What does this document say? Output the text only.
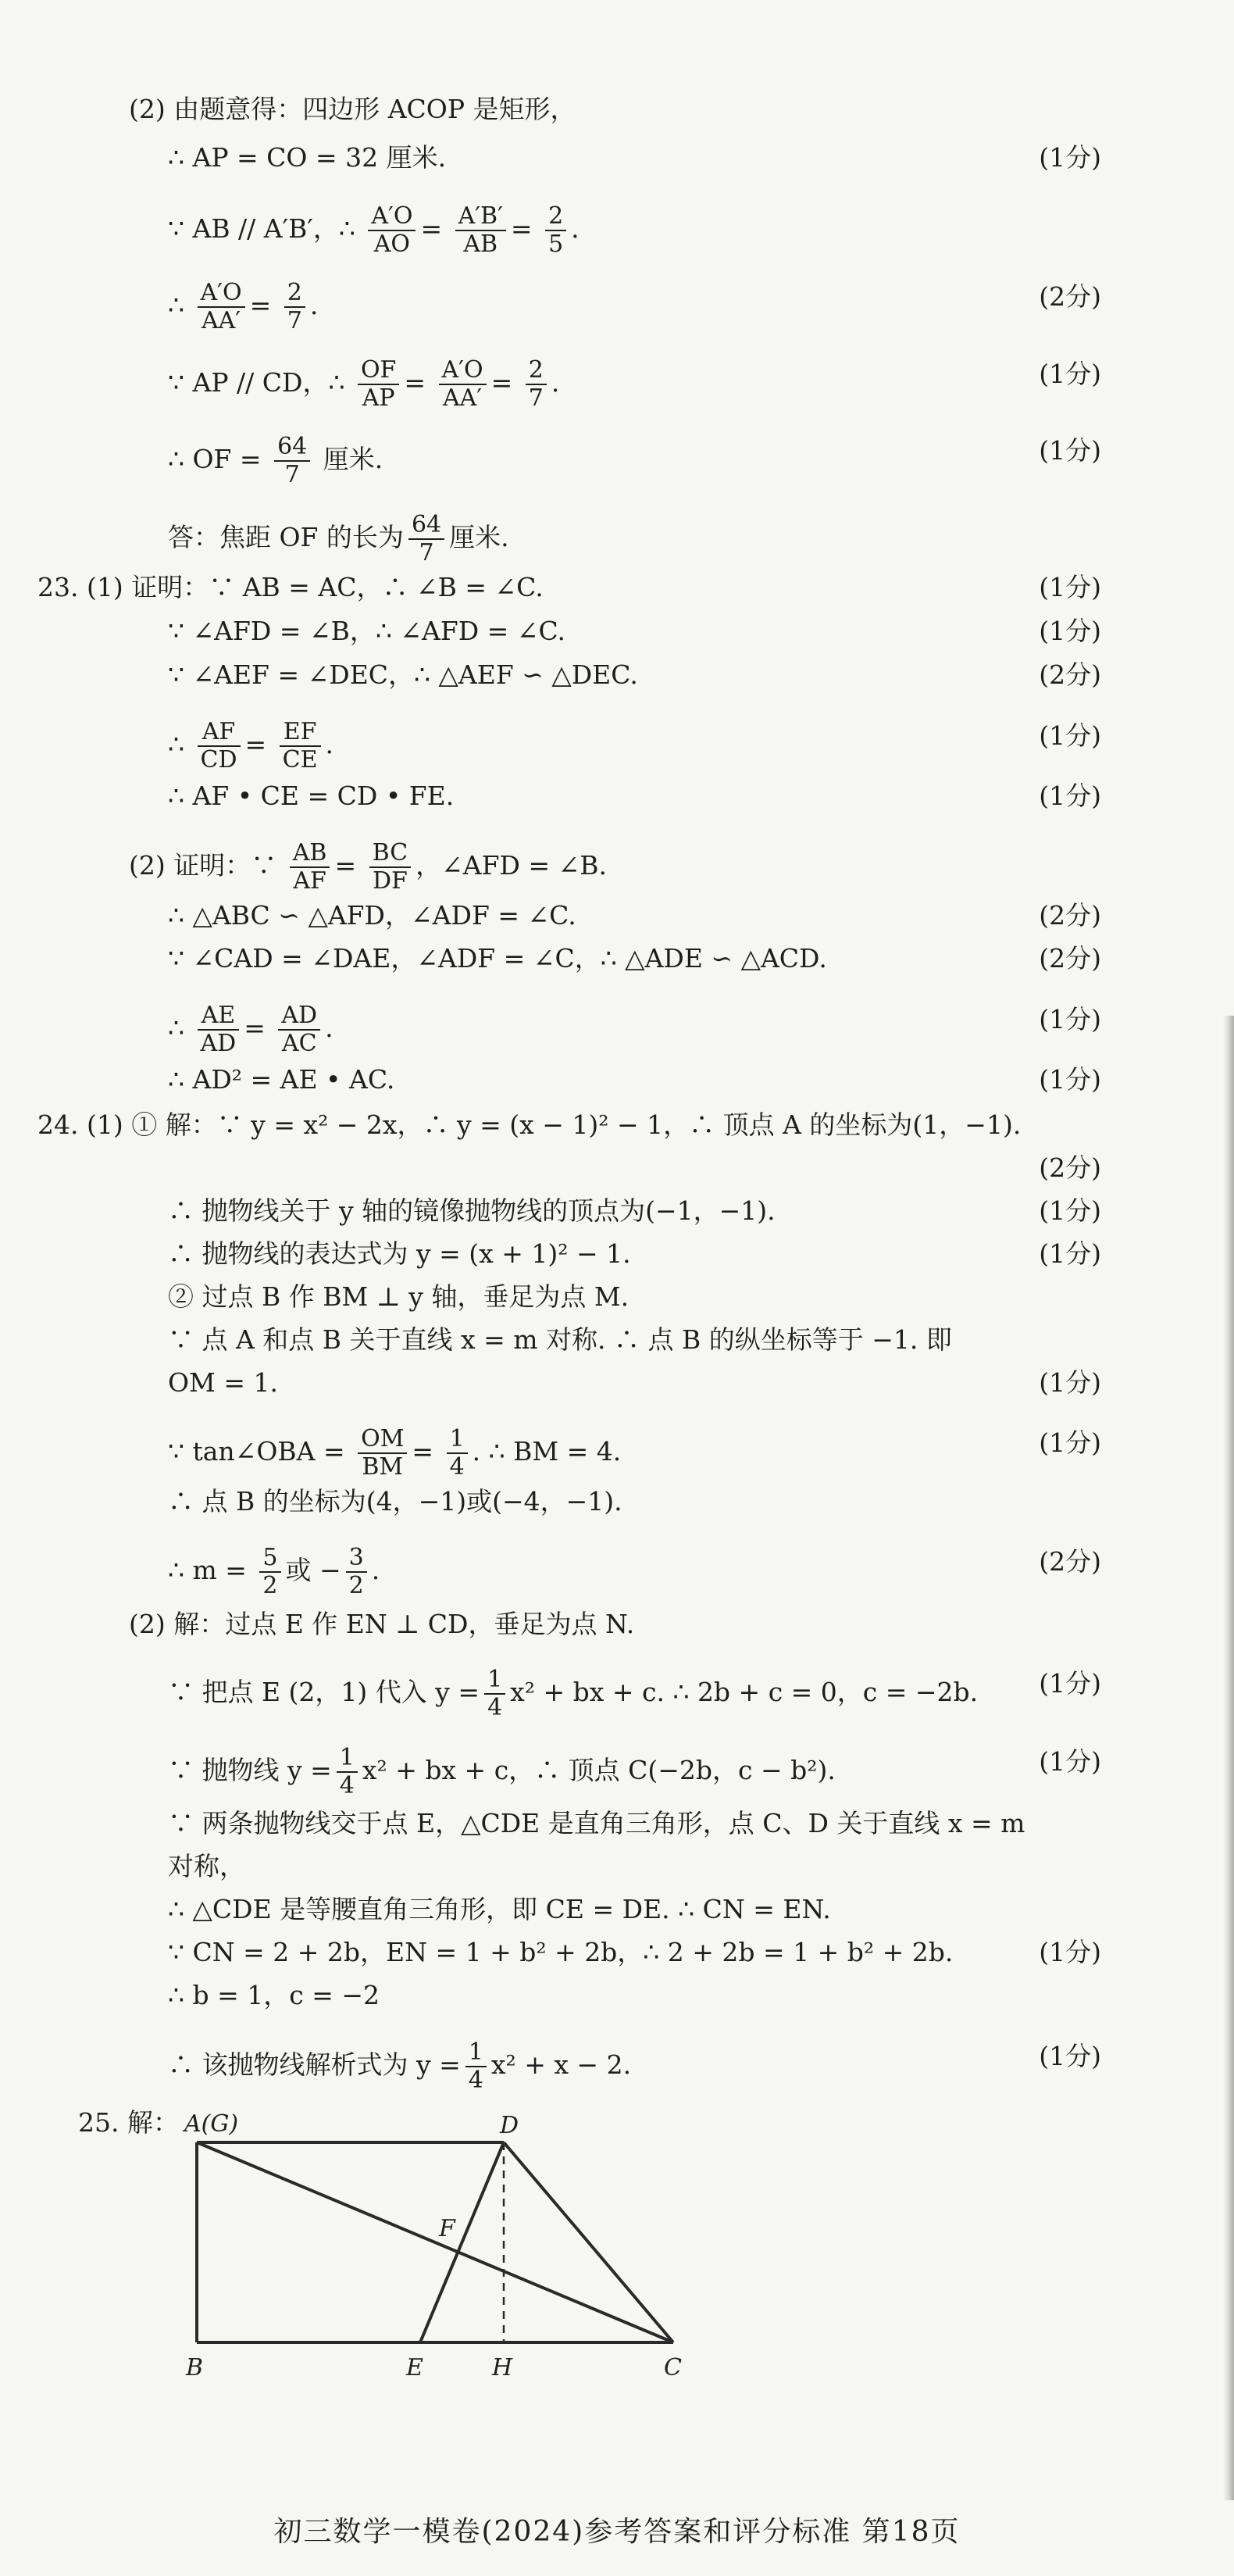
(2) 由题意得：四边形 ACOP 是矩形，
∴ AP = CO = 32 厘米.	(1分)
∵ AB // A′B′，∴ $\frac{A'O}{AO} = \frac{A'B'}{AB} = \frac{2}{5}$ .
∴ $\frac{A'O}{AA'} = \frac{2}{7}$ .	(2分)
∵ AP // CD，∴ $\frac{OF}{AP} = \frac{A'O}{AA'} = \frac{2}{7}$ .	(1分)
∴ OF = $\frac{64}{7}$ 厘米.	(1分)
答：焦距 OF 的长为 $\frac{64}{7}$ 厘米.
23. (1) 证明：∵ AB = AC，∴ ∠B = ∠C.	(1分)
∵ ∠AFD = ∠B，∴ ∠AFD = ∠C.	(1分)
∵ ∠AEF = ∠DEC，∴ △AEF ∽ △DEC.	(2分)
∴ $\frac{AF}{CD} = \frac{EF}{CE}$ .	(1分)
∴ AF • CE = CD • FE.	(1分)
(2) 证明：∵ $\frac{AB}{AF} = \frac{BC}{DF}$ ，∠AFD = ∠B.
∴ △ABC ∽ △AFD，∠ADF = ∠C.	(2分)
∵ ∠CAD = ∠DAE，∠ADF = ∠C，∴ △ADE ∽ △ACD.	(2分)
∴ $\frac{AE}{AD} = \frac{AD}{AC}$ .	(1分)
∴ AD² = AE • AC.	(1分)
24. (1) ① 解：∵ y = x² − 2x，∴ y = (x − 1)² − 1，∴ 顶点 A 的坐标为(1，−1).
(2分)
∴ 抛物线关于 y 轴的镜像抛物线的顶点为(−1，−1).	(1分)
∴ 抛物线的表达式为 y = (x + 1)² − 1.	(1分)
② 过点 B 作 BM ⊥ y 轴，垂足为点 M.
∵ 点 A 和点 B 关于直线 x = m 对称. ∴ 点 B 的纵坐标等于 −1. 即
OM = 1.	(1分)
∵ tan∠OBA = $\frac{OM}{BM} = \frac{1}{4}$ . ∴ BM = 4.	(1分)
∴ 点 B 的坐标为(4，−1)或(−4，−1).
∴ $m = \frac{5}{2}$ 或 − $\frac{3}{2}$ .	(2分)
(2) 解：过点 E 作 EN ⊥ CD，垂足为点 N.
∵ 把点 E (2，1) 代入 $y = \frac{1}{4} x^2$ + bx + c. ∴ 2b + c = 0，c = −2b. (1分)
∵ 抛物线 $y = \frac{1}{4} x^2$ + bx + c，∴ 顶点 C(−2b，c − b²).	(1分)
∵ 两条抛物线交于点 E，△CDE 是直角三角形，点 C、D 关于直线 x = m
对称，
∴ △CDE 是等腰直角三角形，即 CE = DE. ∴ CN = EN.
∵ CN = 2 + 2b，EN = 1 + b² + 2b，∴ 2 + 2b = 1 + b² + 2b.	(1分)
∴ b = 1，c = −2
∴ 该抛物线解析式为 $y = \frac{1}{4} x^2 + x - 2$.	(1分)
25. 解： A(G)	D
F
B	E	H	C
初三数学一模卷(2024)参考答案和评分标准 第18页
